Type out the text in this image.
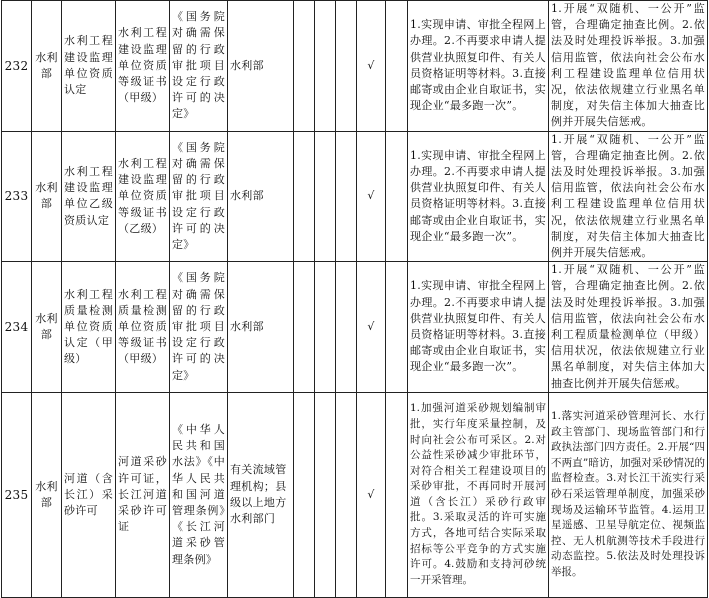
232	水利部	水利工程建设监理单位资质认定	水利工程建设监理单位资质等级证书（甲级）	《国务院对确需保留的行政审批项目设定行政许可的决定》	水利部				√		1.实现申请、审批全程网上办理。2.不再要求申请人提供营业执照复印件、有关人员资格证明等材料。3.直接邮寄或由企业自取证书，实现企业“最多跑一次”。	1.开展“双随机、一公开”监管，合理确定抽查比例。2.依法及时处理投诉举报。3.加强信用监管，依法向社会公布水利工程建设监理单位信用状况，依法依规建立行业黑名单制度，对失信主体加大抽查比例并开展失信惩戒。
233	水利部	水利工程建设监理单位乙级资质认定	水利工程建设监理单位资质等级证书（乙级）	《国务院对确需保留的行政审批项目设定行政许可的决定》	水利部				√		1.实现申请、审批全程网上办理。2.不再要求申请人提供营业执照复印件、有关人员资格证明等材料。3.直接邮寄或由企业自取证书，实现企业“最多跑一次”。	1.开展“双随机、一公开”监管，合理确定抽查比例。2.依法及时处理投诉举报。3.加强信用监管，依法向社会公布水利工程建设监理单位信用状况，依法依规建立行业黑名单制度，对失信主体加大抽查比例并开展失信惩戒。
234	水利部	水利工程质量检测单位资质认定（甲级）	水利工程质量检测单位资质等级证书（甲级）	《国务院对确需保留的行政审批项目设定行政许可的决定》	水利部				√		1.实现申请、审批全程网上办理。2.不再要求申请人提供营业执照复印件、有关人员资格证明等材料。3.直接邮寄或由企业自取证书，实现企业“最多跑一次”。	1.开展“双随机、一公开”监管，合理确定抽查比例。2.依法及时处理投诉举报。3.加强信用监管，依法向社会公布水利工程质量检测单位（甲级）信用状况，依法依规建立行业黑名单制度，对失信主体加大抽查比例并开展失信惩戒。
235	水利部	河道（含长江）采砂许可	河道采砂许可证，长江河道采砂许可证	《中华人民共和国水法》《中华人民共和国河道管理条例》《长江河道采砂管理条例》	有关流域管理机构；县级以上地方水利部门				√		1.加强河道采砂规划编制审批，实行年度采量控制，及时向社会公布可采区。2.对公益性采砂减少审批环节，对符合相关工程建设项目的采砂审批，不再同时开展河道（含长江）采砂行政审批。3.采取灵活的许可实施方式，各地可结合实际采取招标等公平竞争的方式实施许可。4.鼓励和支持河砂统一开采管理。	1.落实河道采砂管理河长、水行政主管部门、现场监管部门和行政执法部门四方责任。2.开展“四不两直”暗访，加强对采砂情况的监督检查。3.对长江干流实行采砂石采运管理单制度，加强采砂现场及运输环节监管。4.运用卫星遥感、卫星导航定位、视频监控、无人机航测等技术手段进行动态监控。5.依法及时处理投诉举报。
